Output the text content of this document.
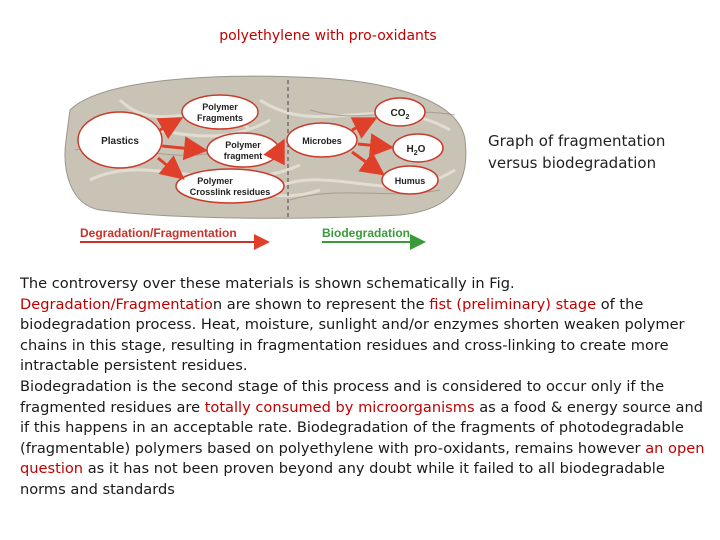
polyethylene with pro-oxidants
Plastics
Polymer
Fragments
Polymer
fragment
Polymer
Crosslink residues
Microbes
$CO_2$
$H_2O$
Humus
Degradation/Fragmentation	Biodegradation
Graph of fragmentation
versus biodegradation

The controversy over these materials is shown schematically in Fig.

Degradation/Fragmentation are shown to represent the fist (preliminary) stage of the biodegradation process. Heat, moisture, sunlight and/or enzymes shorten weaken polymer chains in this stage, resulting in fragmentation residues and cross-linking to create more intractable persistent residues.

Biodegradation is the second stage of this process and is considered to occur only if the fragmented residues are totally consumed by microorganisms as a food & energy source and if this happens in an acceptable rate. Biodegradation of the fragments of photodegradable (fragmentable) polymers based on polyethylene with pro-oxidants, remains however an open question as it has not been proven beyond any doubt while it failed to all biodegradable norms and standards
